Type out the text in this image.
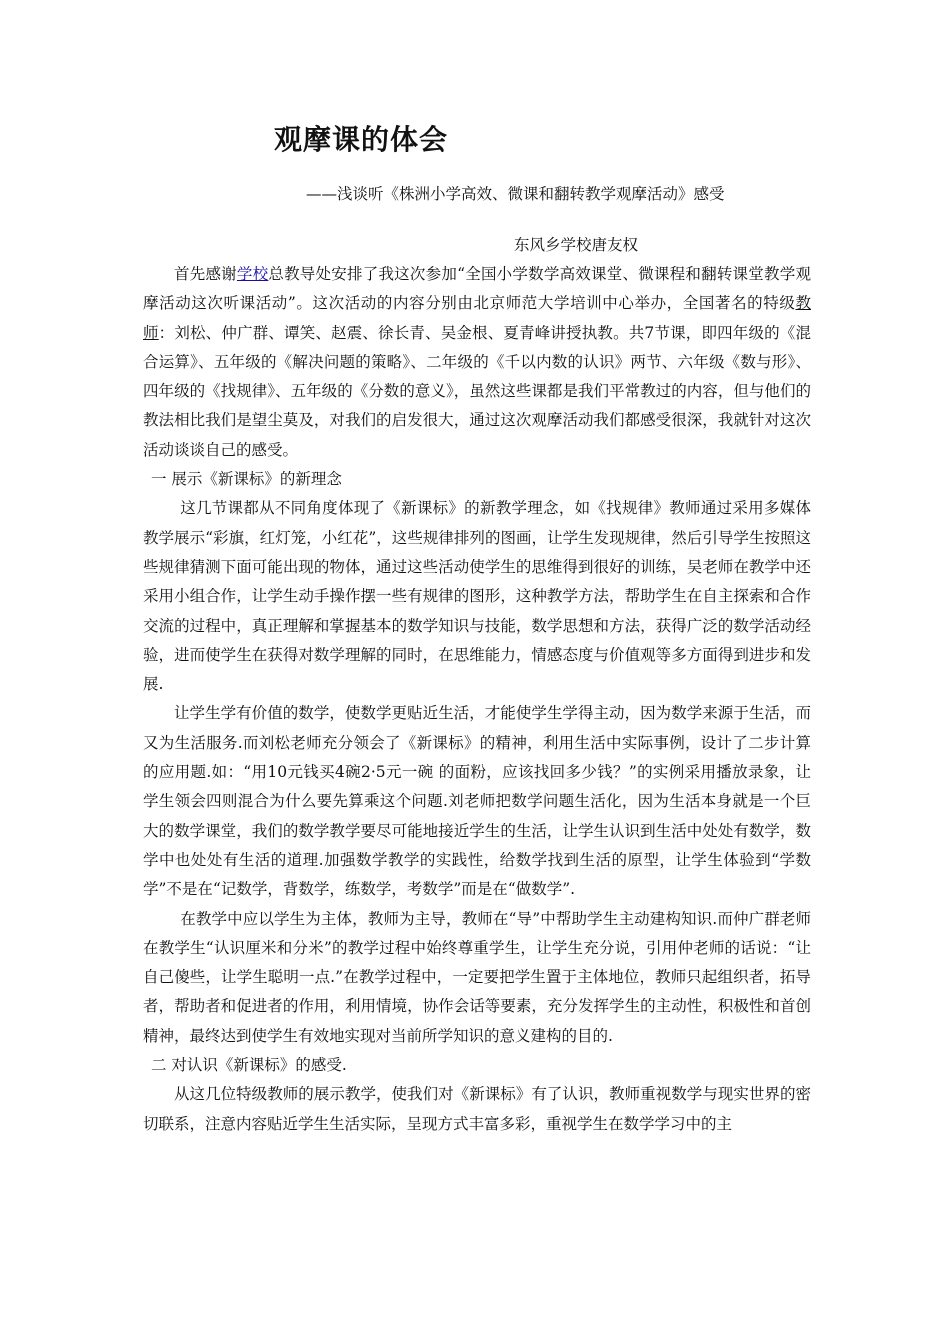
观摩课的体会
——浅谈听《株洲小学高效、微课和翻转教学观摩活动》感受
东风乡学校唐友权

首先感谢学校总教导处安排了我这次参加“全国小学数学高效课堂、微课程和翻转课堂教学观摩活动这次听课活动”。这次活动的内容分别由北京师范大学培训中心举办，全国著名的特级教师：刘松、仲广群、谭笑、赵震、徐长青、吴金根、夏青峰讲授执教。共7节课，即四年级的《混合运算》、五年级的《解决问题的策略》、二年级的《千以内数的认识》两节、六年级《数与形》、四年级的《找规律》、五年级的《分数的意义》，虽然这些课都是我们平常教过的内容，但与他们的教法相比我们是望尘莫及，对我们的启发很大，通过这次观摩活动我们都感受很深，我就针对这次活动谈谈自己的感受。

一 展示《新课标》的新理念

这几节课都从不同角度体现了《新课标》的新教学理念，如《找规律》教师通过采用多媒体教学展示“彩旗，红灯笼，小红花”，这些规律排列的图画，让学生发现规律，然后引导学生按照这些规律猜测下面可能出现的物体，通过这些活动使学生的思维得到很好的训练，吴老师在教学中还采用小组合作，让学生动手操作摆一些有规律的图形，这种教学方法，帮助学生在自主探索和合作交流的过程中，真正理解和掌握基本的数学知识与技能，数学思想和方法，获得广泛的数学活动经验，进而使学生在获得对数学理解的同时，在思维能力，情感态度与价值观等多方面得到进步和发展.

让学生学有价值的数学，使数学更贴近生活，才能使学生学得主动，因为数学来源于生活，而又为生活服务.而刘松老师充分领会了《新课标》的精神，利用生活中实际事例，设计了二步计算的应用题.如：“用10元钱买4碗2·5元一碗 的面粉，应该找回多少钱？”的实例采用播放录象，让学生领会四则混合为什么要先算乘这个问题.刘老师把数学问题生活化，因为生活本身就是一个巨大的数学课堂，我们的数学教学要尽可能地接近学生的生活，让学生认识到生活中处处有数学，数学中也处处有生活的道理.加强数学教学的实践性，给数学找到生活的原型，让学生体验到“学数学”不是在“记数学，背数学，练数学，考数学”而是在“做数学”.

在教学中应以学生为主体，教师为主导，教师在“导”中帮助学生主动建构知识.而仲广群老师在教学生“认识厘米和分米”的教学过程中始终尊重学生，让学生充分说，引用仲老师的话说：“让自己傻些，让学生聪明一点.”在教学过程中，一定要把学生置于主体地位，教师只起组织者，拓导者，帮助者和促进者的作用，利用情境，协作会话等要素，充分发挥学生的主动性，积极性和首创精神，最终达到使学生有效地实现对当前所学知识的意义建构的目的.

二 对认识《新课标》的感受.

从这几位特级教师的展示教学，使我们对《新课标》有了认识，教师重视数学与现实世界的密切联系，注意内容贴近学生生活实际，呈现方式丰富多彩，重视学生在数学学习中的主
